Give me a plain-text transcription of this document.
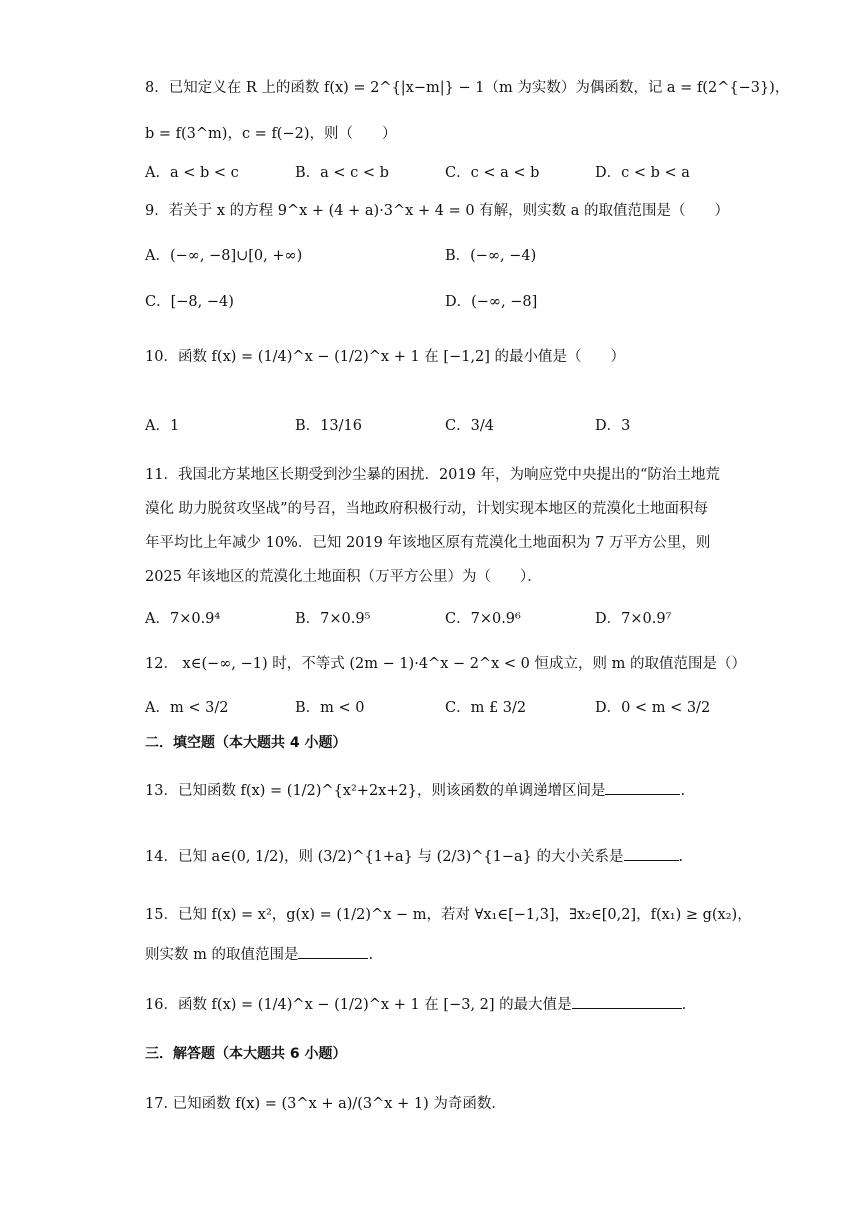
8．已知定义在 R 上的函数 f(x) = 2^{|x−m|} − 1（m 为实数）为偶函数，记 a = f(2^{−3})，
b = f(3^m)，c = f(−2)，则（　　）
A．a < b < c	B．a < c < b	C．c < a < b	D．c < b < a
9．若关于 x 的方程 9^x + (4 + a)·3^x + 4 = 0 有解，则实数 a 的取值范围是（　　）
A．(−∞, −8]∪[0, +∞)	B．(−∞, −4)
C．[−8, −4)	D．(−∞, −8]
10．函数 f(x) = (1/4)^x − (1/2)^x + 1 在 [−1,2] 的最小值是（　　）
A．1	B．13/16	C．3/4	D．3
11．我国北方某地区长期受到沙尘暴的困扰．2019 年，为响应党中央提出的“防治土地荒漠化 助力脱贫攻坚战”的号召，当地政府积极行动，计划实现本地区的荒漠化土地面积每年平均比上年减少 10%．已知 2019 年该地区原有荒漠化土地面积为 7 万平方公里，则 2025 年该地区的荒漠化土地面积（万平方公里）为（　　）．
A．7×0.9⁴	B．7×0.9⁵	C．7×0.9⁶	D．7×0.9⁷
12． x∈(−∞, −1) 时，不等式 (2m − 1)·4^x − 2^x < 0 恒成立，则 m 的取值范围是（）
A．m < 3/2	B．m < 0	C．m £ 3/2	D．0 < m < 3/2
二．填空题（本大题共 4 小题）
13．已知函数 f(x) = (1/2)^{x²+2x+2}，则该函数的单调递增区间是	.
14．已知 a∈(0, 1/2)，则 (3/2)^{1+a} 与 (2/3)^{1−a} 的大小关系是	.
15．已知 f(x) = x²，g(x) = (1/2)^x − m，若对 ∀x₁∈[−1,3]，∃x₂∈[0,2]，f(x₁) ≥ g(x₂)，
则实数 m 的取值范围是	.
16．函数 f(x) = (1/4)^x − (1/2)^x + 1 在 [−3, 2] 的最大值是	.
三．解答题（本大题共 6 小题）
17. 已知函数 f(x) = (3^x + a)/(3^x + 1) 为奇函数．
